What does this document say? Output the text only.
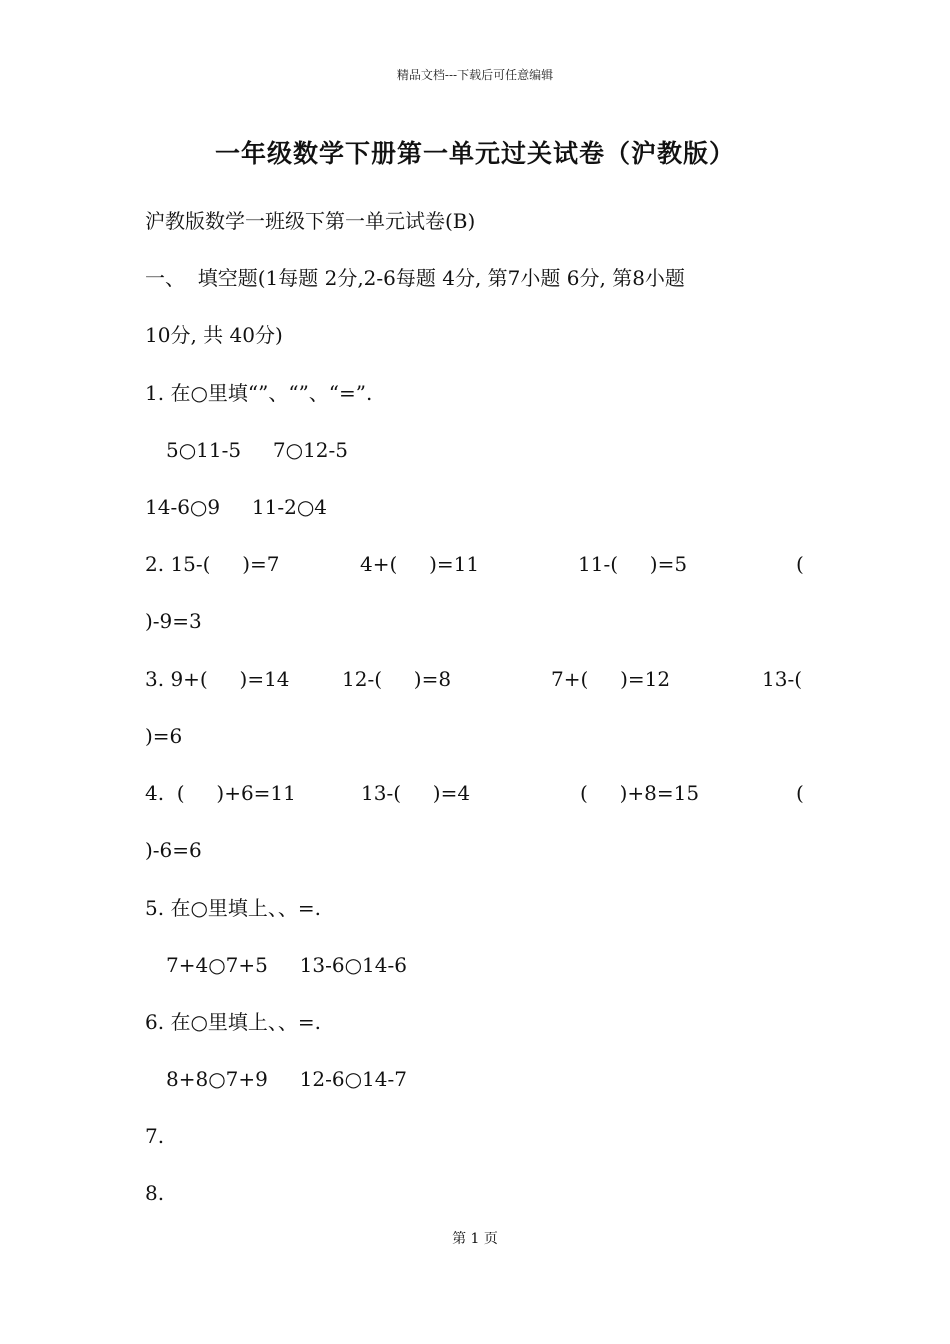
精品文档---下载后可任意编辑
一年级数学下册第一单元过关试卷（沪教版）
沪教版数学一班级下第一单元试卷(B)
一、  填空题(1每题 2分,2-6每题 4分, 第7小题 6分, 第8小题
10分, 共 40分)
1. 在○里填“”、“”、“=”.
5○11-5     7○12-5
14-6○9     11-2○4
2. 15-(     )=7	4+(     )=11	11-(     )=5	(
)-9=3
3. 9+(     )=14	12-(     )=8	7+(     )=12	13-(
)=6
4.  (     )+6=11	13-(     )=4	(     )+8=15	(
)-6=6
5. 在○里填上、、=.
7+4○7+5     13-6○14-6
6. 在○里填上、、=.
8+8○7+9     12-6○14-7
7.
8.
第 1 页
